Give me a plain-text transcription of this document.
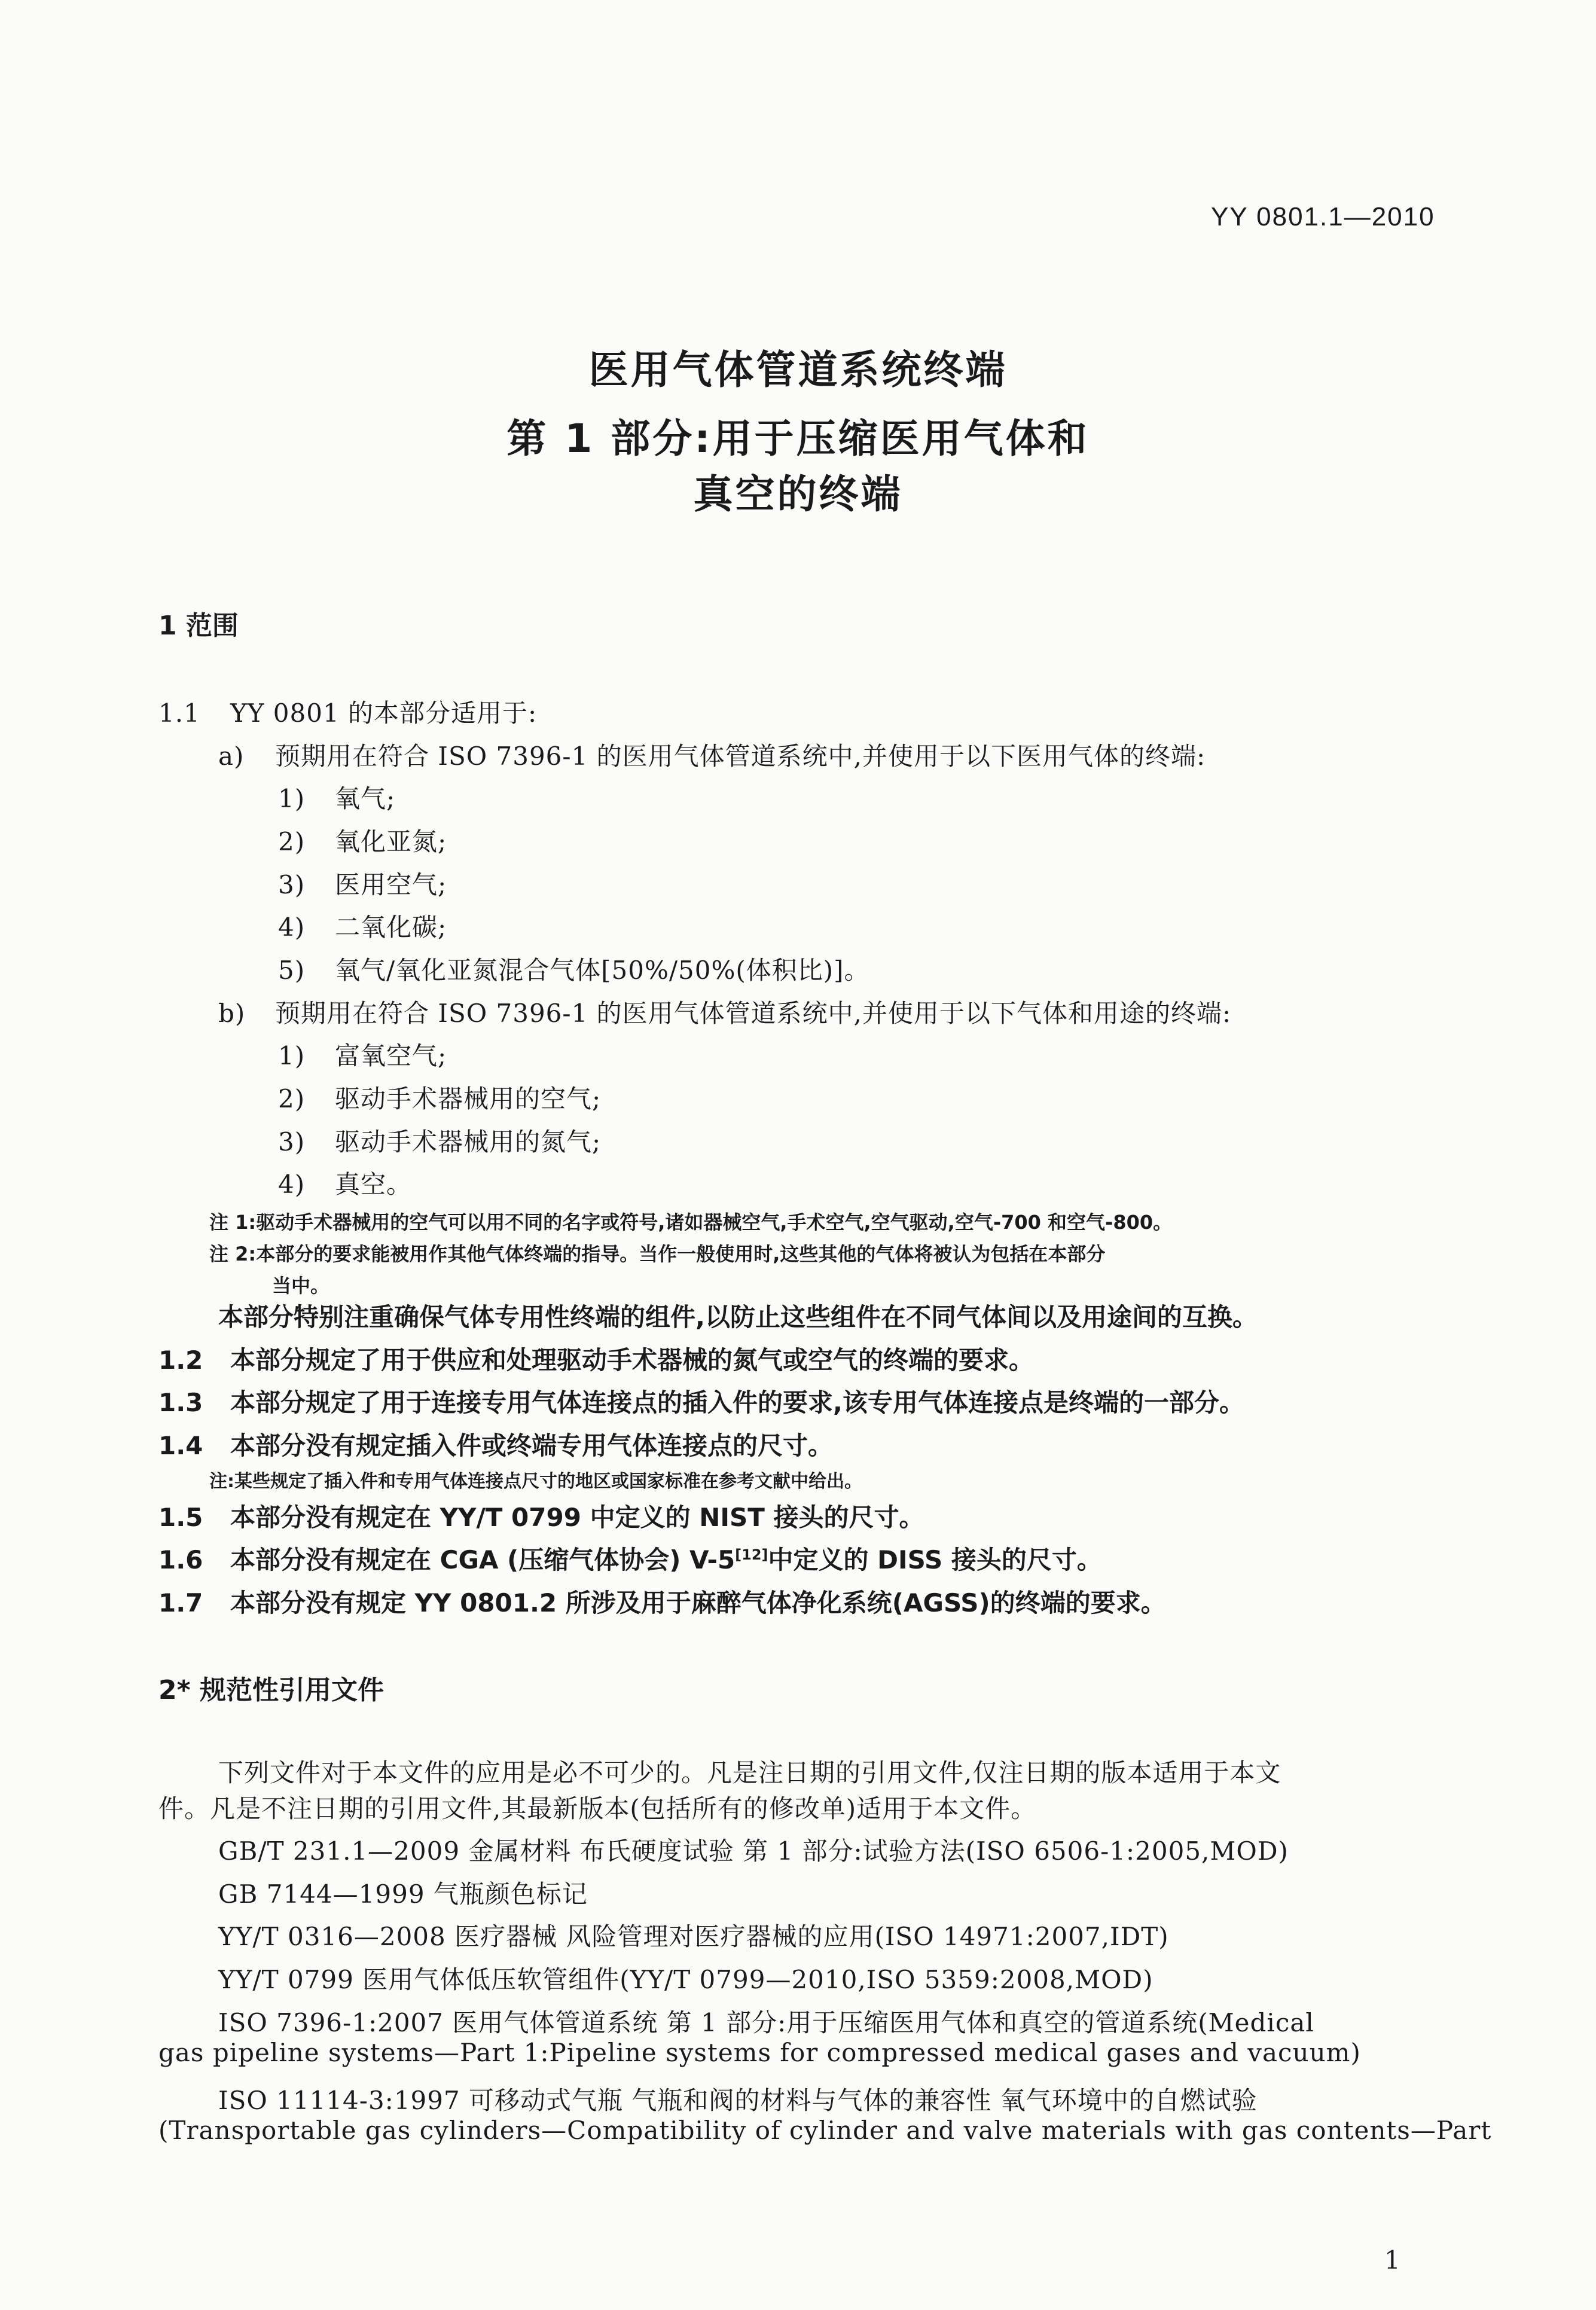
YY 0801.1—2010
医用气体管道系统终端
第 1 部分:用于压缩医用气体和
真空的终端
1 范围
1.1 YY 0801 的本部分适用于:
a) 预期用在符合 ISO 7396-1 的医用气体管道系统中,并使用于以下医用气体的终端:
1) 氧气;
2) 氧化亚氮;
3) 医用空气;
4) 二氧化碳;
5) 氧气/氧化亚氮混合气体[50%/50%(体积比)]。
b) 预期用在符合 ISO 7396-1 的医用气体管道系统中,并使用于以下气体和用途的终端:
1) 富氧空气;
2) 驱动手术器械用的空气;
3) 驱动手术器械用的氮气;
4) 真空。
注 1:驱动手术器械用的空气可以用不同的名字或符号,诸如器械空气,手术空气,空气驱动,空气-700 和空气-800。
注 2:本部分的要求能被用作其他气体终端的指导。当作一般使用时,这些其他的气体将被认为包括在本部分
当中。
本部分特别注重确保气体专用性终端的组件,以防止这些组件在不同气体间以及用途间的互换。
1.2 本部分规定了用于供应和处理驱动手术器械的氮气或空气的终端的要求。
1.3 本部分规定了用于连接专用气体连接点的插入件的要求,该专用气体连接点是终端的一部分。
1.4 本部分没有规定插入件或终端专用气体连接点的尺寸。
注:某些规定了插入件和专用气体连接点尺寸的地区或国家标准在参考文献中给出。
1.5 本部分没有规定在 YY/T 0799 中定义的 NIST 接头的尺寸。
1.6 本部分没有规定在 CGA (压缩气体协会) V-5[12]中定义的 DISS 接头的尺寸。
1.7 本部分没有规定 YY 0801.2 所涉及用于麻醉气体净化系统(AGSS)的终端的要求。
2* 规范性引用文件
下列文件对于本文件的应用是必不可少的。凡是注日期的引用文件,仅注日期的版本适用于本文
件。凡是不注日期的引用文件,其最新版本(包括所有的修改单)适用于本文件。
GB/T 231.1—2009 金属材料 布氏硬度试验 第 1 部分:试验方法(ISO 6506-1:2005,MOD)
GB 7144—1999 气瓶颜色标记
YY/T 0316—2008 医疗器械 风险管理对医疗器械的应用(ISO 14971:2007,IDT)
YY/T 0799 医用气体低压软管组件(YY/T 0799—2010,ISO 5359:2008,MOD)
ISO 7396-1:2007 医用气体管道系统 第 1 部分:用于压缩医用气体和真空的管道系统(Medical
gas pipeline systems—Part 1:Pipeline systems for compressed medical gases and vacuum)
ISO 11114-3:1997 可移动式气瓶 气瓶和阀的材料与气体的兼容性 氧气环境中的自燃试验
(Transportable gas cylinders—Compatibility of cylinder and valve materials with gas contents—Part
1
